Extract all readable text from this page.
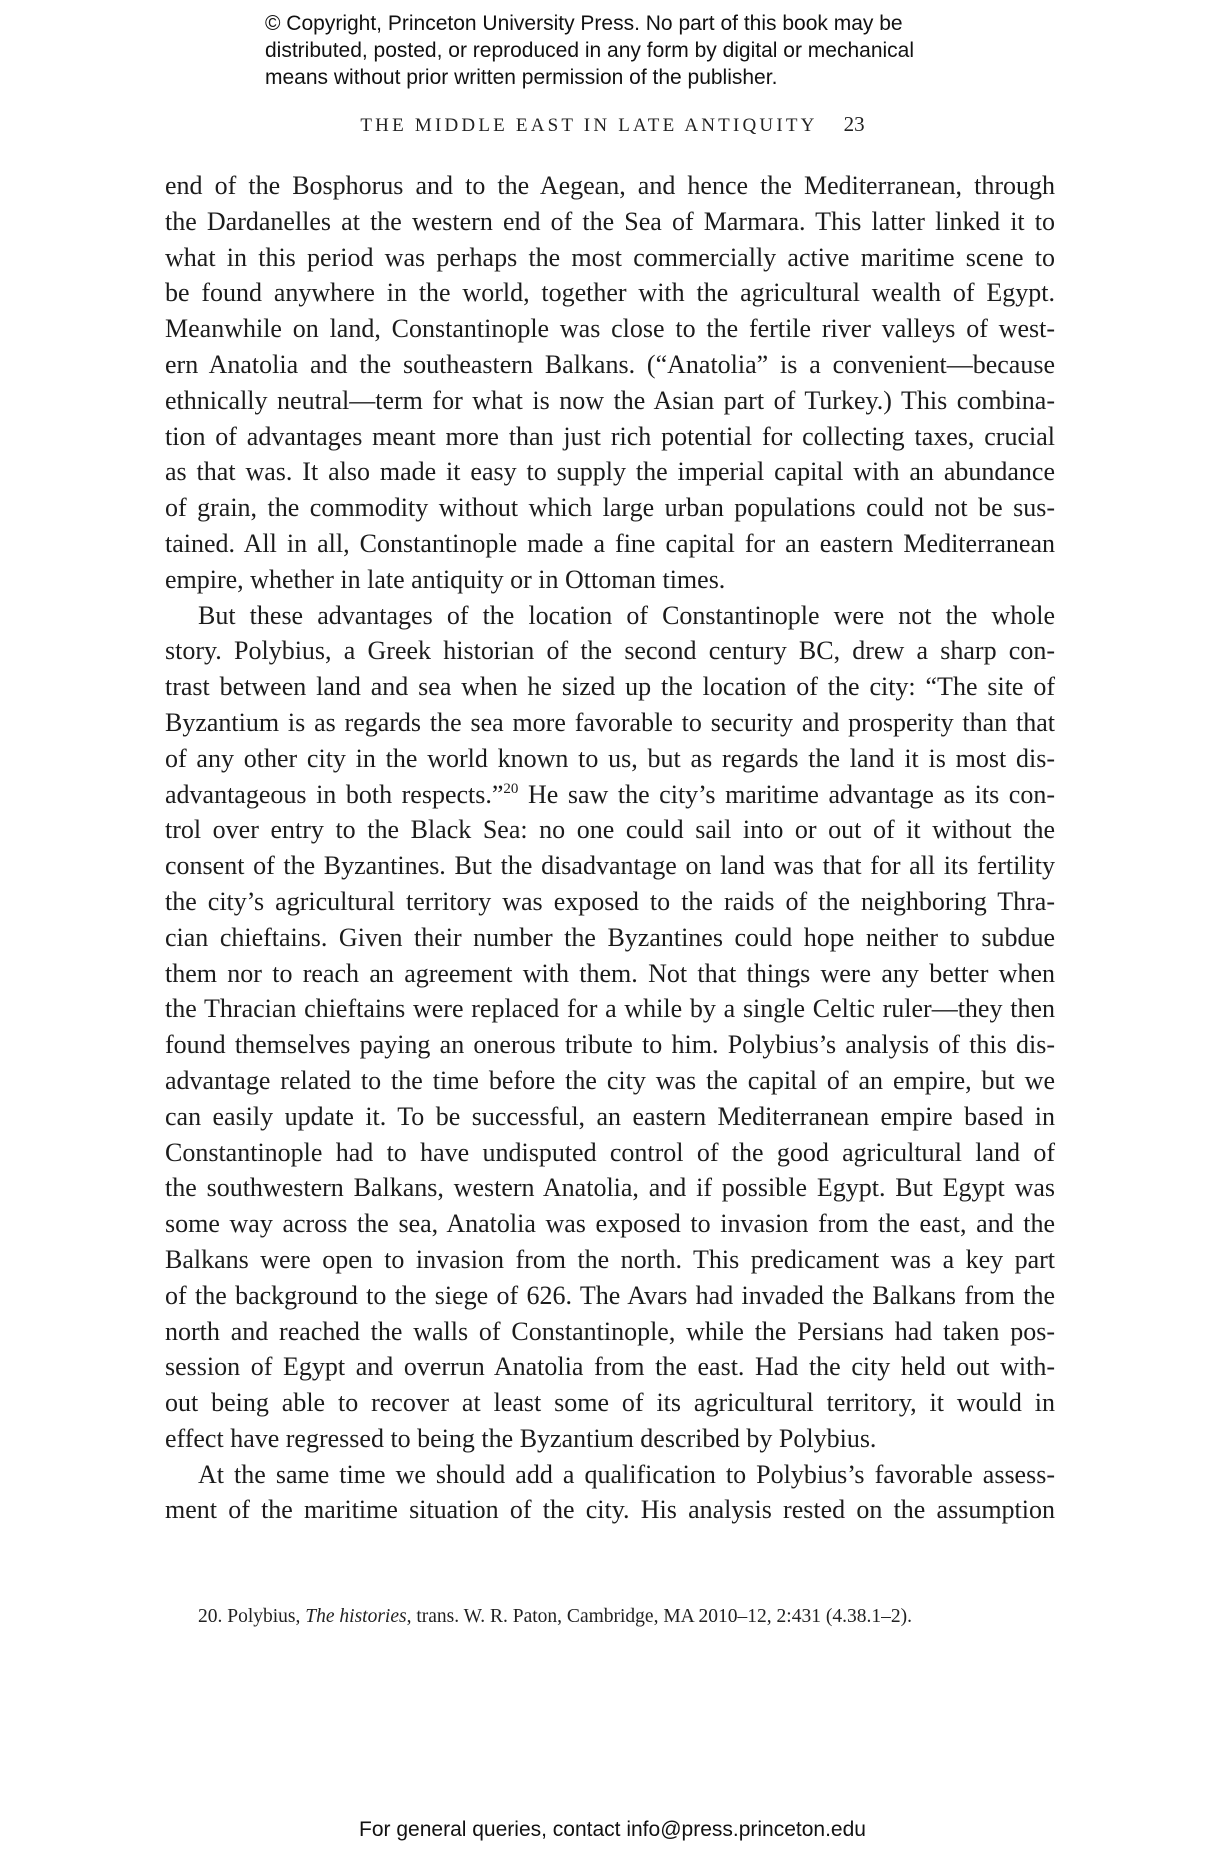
© Copyright, Princeton University Press. No part of this book may be
distributed, posted, or reproduced in any form by digital or mechanical
means without prior written permission of the publisher.
THE MIDDLE EAST IN LATE ANTIQUITY 23
end of the Bosphorus and to the Aegean, and hence the Mediterranean, through
the Dardanelles at the western end of the Sea of Marmara. This latter linked it to
what in this period was perhaps the most commercially active maritime scene to
be found anywhere in the world, together with the agricultural wealth of Egypt.
Meanwhile on land, Constantinople was close to the fertile river valleys of west-
ern Anatolia and the southeastern Balkans. (“Anatolia” is a convenient—because
ethnically neutral—term for what is now the Asian part of Turkey.) This combina-
tion of advantages meant more than just rich potential for collecting taxes, crucial
as that was. It also made it easy to supply the imperial capital with an abundance
of grain, the commodity without which large urban populations could not be sus-
tained. All in all, Constantinople made a fine capital for an eastern Mediterranean
empire, whether in late antiquity or in Ottoman times.
But these advantages of the location of Constantinople were not the whole
story. Polybius, a Greek historian of the second century BC, drew a sharp con-
trast between land and sea when he sized up the location of the city: “The site of
Byzantium is as regards the sea more favorable to security and prosperity than that
of any other city in the world known to us, but as regards the land it is most dis-
advantageous in both respects.”$^{20}$ He saw the city’s maritime advantage as its con-
trol over entry to the Black Sea: no one could sail into or out of it without the
consent of the Byzantines. But the disadvantage on land was that for all its fertility
the city’s agricultural territory was exposed to the raids of the neighboring Thra-
cian chieftains. Given their number the Byzantines could hope neither to subdue
them nor to reach an agreement with them. Not that things were any better when
the Thracian chieftains were replaced for a while by a single Celtic ruler—they then
found themselves paying an onerous tribute to him. Polybius’s analysis of this dis-
advantage related to the time before the city was the capital of an empire, but we
can easily update it. To be successful, an eastern Mediterranean empire based in
Constantinople had to have undisputed control of the good agricultural land of
the southwestern Balkans, western Anatolia, and if possible Egypt. But Egypt was
some way across the sea, Anatolia was exposed to invasion from the east, and the
Balkans were open to invasion from the north. This predicament was a key part
of the background to the siege of 626. The Avars had invaded the Balkans from the
north and reached the walls of Constantinople, while the Persians had taken pos-
session of Egypt and overrun Anatolia from the east. Had the city held out with-
out being able to recover at least some of its agricultural territory, it would in
effect have regressed to being the Byzantium described by Polybius.
At the same time we should add a qualification to Polybius’s favorable assess-
ment of the maritime situation of the city. His analysis rested on the assumption
20. Polybius, The histories, trans. W. R. Paton, Cambridge, MA 2010–12, 2:431 (4.38.1–2).
For general queries, contact info@press.princeton.edu
